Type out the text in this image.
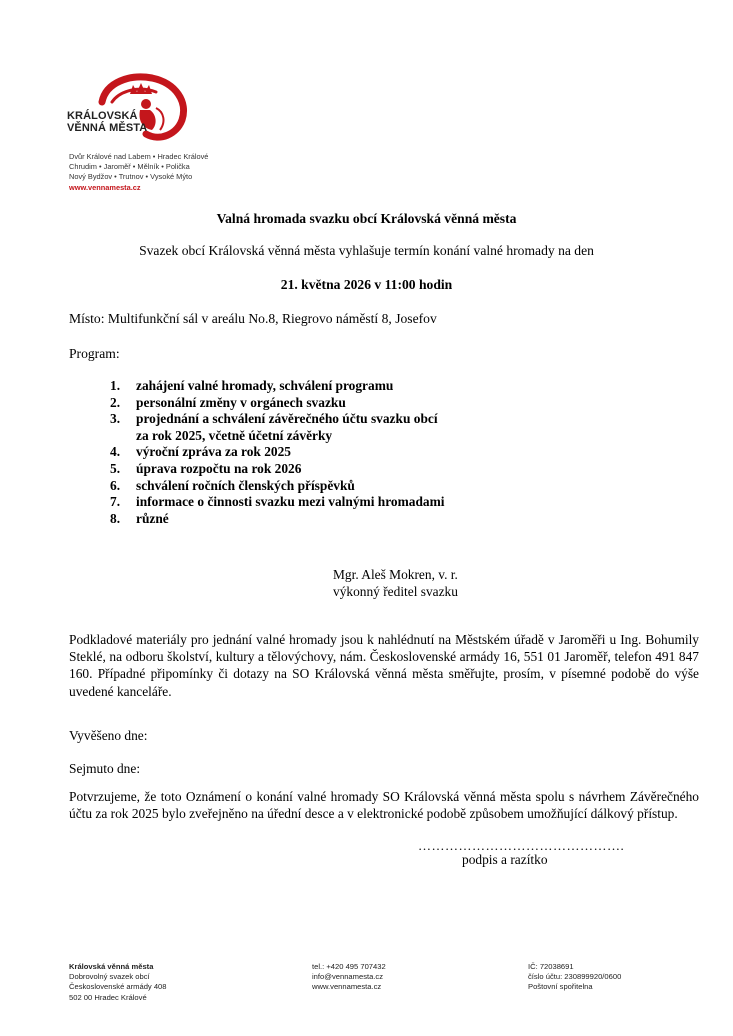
KRÁLOVSKÁ
VĚNNÁ MĚSTA
Dvůr Králové nad Labem • Hradec Králové
Chrudim • Jaroměř • Mělník • Polička
Nový Bydžov • Trutnov • Vysoké Mýto
www.vennamesta.cz
Valná hromada svazku obcí Královská věnná města
Svazek obcí Královská věnná města vyhlašuje termín konání valné hromady na den
21. května 2026 v 11:00 hodin
Místo: Multifunkční sál v areálu No.8, Riegrovo náměstí 8, Josefov
Program:
1.	zahájení valné hromady, schválení programu
2.	personální změny v orgánech svazku
3.	projednání a schválení závěrečného účtu svazku obcí
za rok 2025, včetně účetní závěrky
4.	výroční zpráva za rok 2025
5.	úprava rozpočtu na rok 2026
6.	schválení ročních členských příspěvků
7.	informace o činnosti svazku mezi valnými hromadami
8.	různé
Mgr. Aleš Mokren, v. r.
výkonný ředitel svazku
Podkladové materiály pro jednání valné hromady jsou k nahlédnutí na Městském úřadě v Jaroměři u Ing. Bohumily Steklé, na odboru školství, kultury a tělovýchovy, nám. Československé armády 16, 551 01 Jaroměř, telefon 491 847 160. Případné připomínky či dotazy na SO Královská věnná města směřujte, prosím, v písemné podobě do výše uvedené kanceláře.
Vyvěšeno dne:
Sejmuto dne:
Potvrzujeme, že toto Oznámení o konání valné hromady SO Královská věnná města spolu s návrhem Závěrečného účtu za rok 2025 bylo zveřejněno na úřední desce a v elektronické podobě způsobem umožňující dálkový přístup.
……………………………………….
podpis a razítko
Královská věnná města
Dobrovolný svazek obcí
Československé armády 408
502 00 Hradec Králové
tel.: +420 495 707432
info@vennamesta.cz
www.vennamesta.cz
IČ: 72038691
číslo účtu: 230899920/0600
Poštovní spořitelna
